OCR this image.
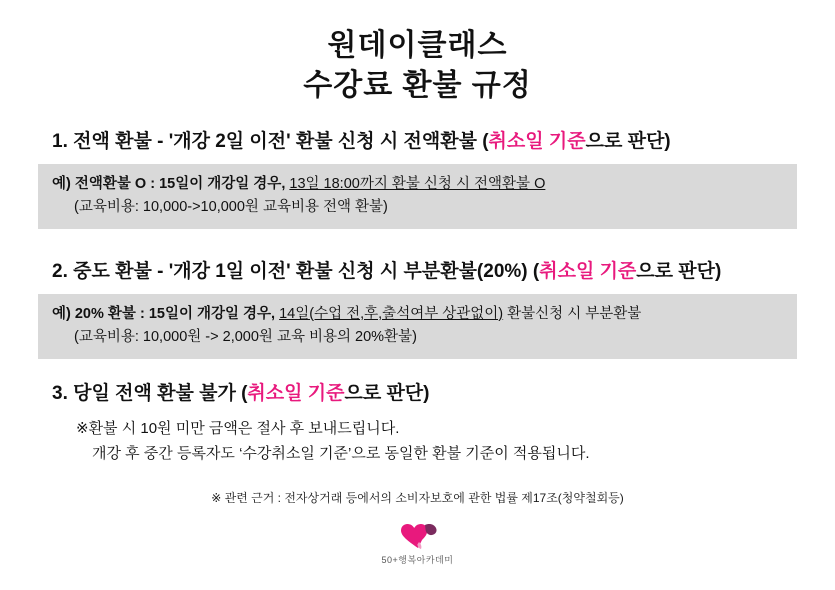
원데이클래스
수강료 환불 규정
1. 전액 환불 - '개강 2일 이전' 환불 신청 시 전액환불 (취소일 기준으로 판단)
예) 전액환불 O : 15일이 개강일 경우, 13일 18:00까지 환불 신청 시 전액환불 O
(교육비용: 10,000->10,000원 교육비용 전액 환불)
2. 중도 환불 - '개강 1일 이전' 환불 신청 시 부분환불(20%) (취소일 기준으로 판단)
예) 20% 환불 : 15일이 개강일 경우, 14일(수업 전,후,출석여부 상관없이) 환불신청 시 부분환불
(교육비용: 10,000원 -> 2,000원 교육 비용의 20%환불)
3. 당일 전액 환불 불가 (취소일 기준으로 판단)
※환불 시 10원 미만 금액은 절사 후 보내드립니다.
개강 후 중간 등록자도 ‘수강취소일 기준’으로 동일한 환불 기준이 적용됩니다.
※ 관련 근거 : 전자상거래 등에서의 소비자보호에 관한 법률 제17조(청약철회등)
50+행복아카데미
